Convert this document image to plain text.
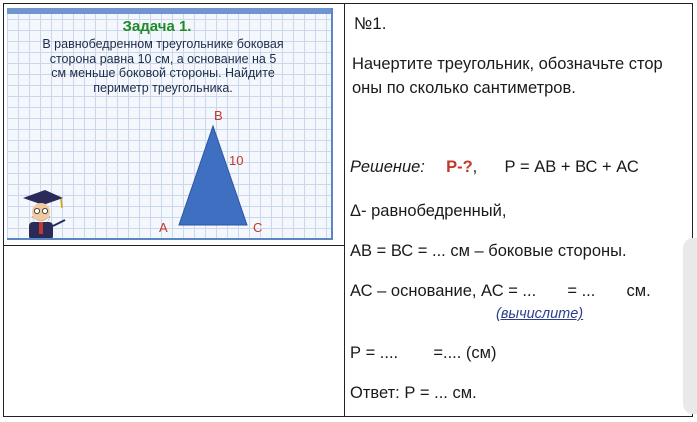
Задача 1.
В равнобедренном треугольнике боковая
сторона равна 10 см, а основание на 5
см меньше боковой стороны. Найдите
периметр треугольника.
B
10
A	C
№1.
Начертите треугольник, обозначьте стор
оны по сколько сантиметров.
Решение: Р-?, Р = АВ + ВС + АС
Δ- равнобедренный,
АВ = ВС = ... см – боковые стороны.
АС – основание, АС = ... = ... см.
(вычислите)
Р = .... =.... (см)
Ответ: Р = ... см.
